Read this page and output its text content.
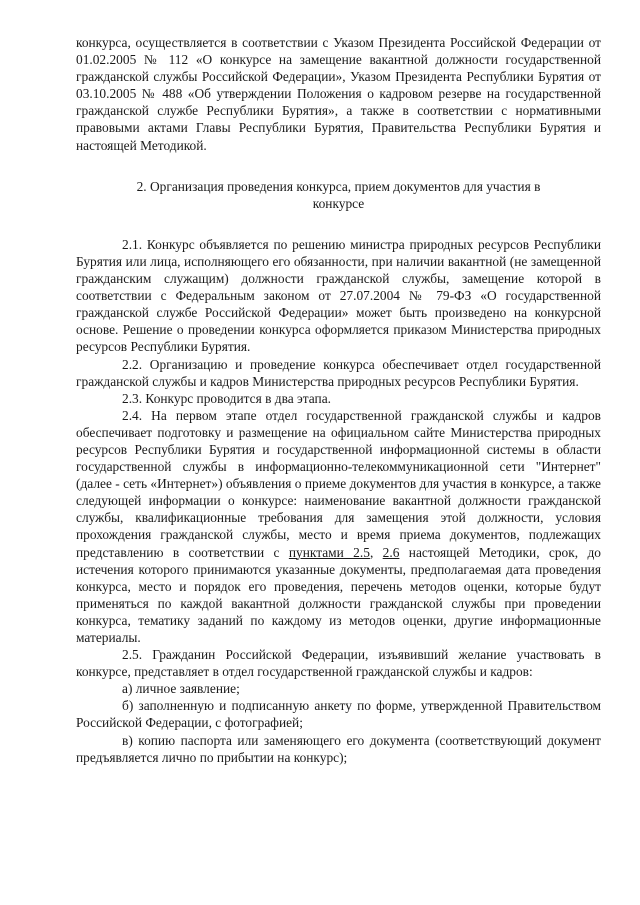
конкурса, осуществляется в соответствии с Указом Президента Российской Федерации от 01.02.2005 № 112 «О конкурсе на замещение вакантной должности государственной гражданской службы Российской Федерации», Указом Президента Республики Бурятия от 03.10.2005 № 488 «Об утверждении Положения о кадровом резерве на государственной гражданской службе Республики Бурятия», а также в соответствии с нормативными правовыми актами Главы Республики Бурятия, Правительства Республики Бурятия и настоящей Методикой.

2. Организация проведения конкурса, прием документов для участия в конкурсе

2.1. Конкурс объявляется по решению министра природных ресурсов Республики Бурятия или лица, исполняющего его обязанности, при наличии вакантной (не замещенной гражданским служащим) должности гражданской службы, замещение которой в соответствии с Федеральным законом от 27.07.2004 № 79-ФЗ «О государственной гражданской службе Российской Федерации» может быть произведено на конкурсной основе. Решение о проведении конкурса оформляется приказом Министерства природных ресурсов Республики Бурятия.

2.2. Организацию и проведение конкурса обеспечивает отдел государственной гражданской службы и кадров Министерства природных ресурсов Республики Бурятия.

2.3. Конкурс проводится в два этапа.

2.4. На первом этапе отдел государственной гражданской службы и кадров обеспечивает подготовку и размещение на официальном сайте Министерства природных ресурсов Республики Бурятия и государственной информационной системы в области государственной службы в информационно-телекоммуникационной сети "Интернет" (далее - сеть «Интернет») объявления о приеме документов для участия в конкурсе, а также следующей информации о конкурсе: наименование вакантной должности гражданской службы, квалификационные требования для замещения этой должности, условия прохождения гражданской службы, место и время приема документов, подлежащих представлению в соответствии с пунктами 2.5, 2.6 настоящей Методики, срок, до истечения которого принимаются указанные документы, предполагаемая дата проведения конкурса, место и порядок его проведения, перечень методов оценки, которые будут применяться по каждой вакантной должности гражданской службы при проведении конкурса, тематику заданий по каждому из методов оценки, другие информационные материалы.

2.5. Гражданин Российской Федерации, изъявивший желание участвовать в конкурсе, представляет в отдел государственной гражданской службы и кадров:

а) личное заявление;

б) заполненную и подписанную анкету по форме, утвержденной Правительством Российской Федерации, с фотографией;

в) копию паспорта или заменяющего его документа (соответствующий документ предъявляется лично по прибытии на конкурс);
